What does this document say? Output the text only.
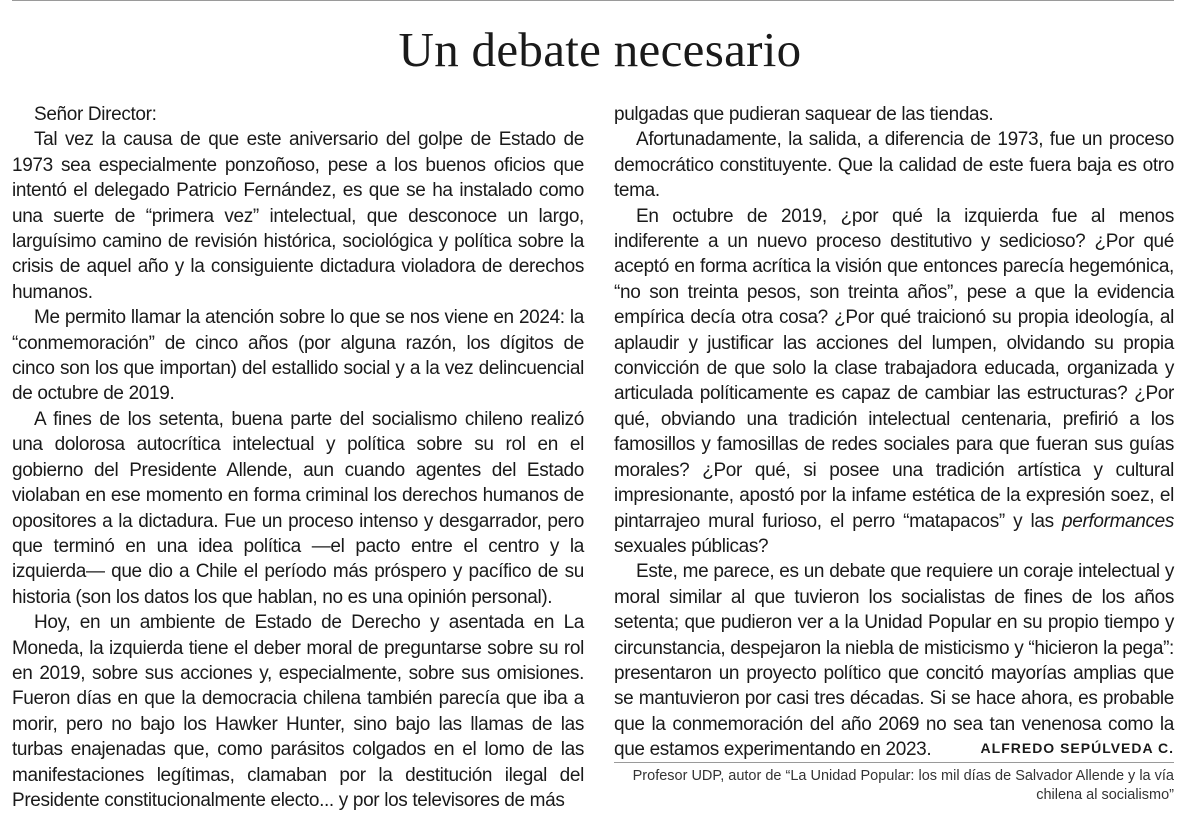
Un debate necesario

Señor Director:

Tal vez la causa de que este aniversario del golpe de Estado de 1973 sea especialmente ponzoñoso, pese a los buenos oficios que intentó el delegado Patricio Fernández, es que se ha instalado como una suerte de “primera vez” intelectual, que desconoce un largo, larguísimo camino de revisión histórica, sociológica y política sobre la crisis de aquel año y la consiguiente dictadura violadora de derechos humanos.

Me permito llamar la atención sobre lo que se nos viene en 2024: la “conmemoración” de cinco años (por alguna razón, los dígitos de cinco son los que importan) del estallido social y a la vez delincuencial de octubre de 2019.

A fines de los setenta, buena parte del socialismo chileno realizó una dolorosa autocrítica intelectual y política sobre su rol en el gobierno del Presidente Allende, aun cuando agentes del Estado violaban en ese momento en forma criminal los derechos humanos de opositores a la dictadura. Fue un proceso intenso y desgarrador, pero que terminó en una idea política —el pacto entre el centro y la izquierda— que dio a Chile el período más próspero y pacífico de su historia (son los datos los que hablan, no es una opinión personal).

Hoy, en un ambiente de Estado de Derecho y asentada en La Moneda, la izquierda tiene el deber moral de preguntarse sobre su rol en 2019, sobre sus acciones y, especialmente, sobre sus omisiones. Fueron días en que la democracia chilena también parecía que iba a morir, pero no bajo los Hawker Hunter, sino bajo las llamas de las turbas enajenadas que, como parásitos colgados en el lomo de las manifestaciones legítimas, clamaban por la destitución ilegal del Presidente constitucionalmente electo... y por los televisores de más

pulgadas que pudieran saquear de las tiendas.

Afortunadamente, la salida, a diferencia de 1973, fue un proceso democrático constituyente. Que la calidad de este fuera baja es otro tema.

En octubre de 2019, ¿por qué la izquierda fue al menos indiferente a un nuevo proceso destitutivo y sedicioso? ¿Por qué aceptó en forma acrítica la visión que entonces parecía hegemónica, “no son treinta pesos, son treinta años”, pese a que la evidencia empírica decía otra cosa? ¿Por qué traicionó su propia ideología, al aplaudir y justificar las acciones del lumpen, olvidando su propia convicción de que solo la clase trabajadora educada, organizada y articulada políticamente es capaz de cambiar las estructuras? ¿Por qué, obviando una tradición intelectual centenaria, prefirió a los famosillos y famosillas de redes sociales para que fueran sus guías morales? ¿Por qué, si posee una tradición artística y cultural impresionante, apostó por la infame estética de la expresión soez, el pintarrajeo mural furioso, el perro “matapacos” y las performances sexuales públicas?

Este, me parece, es un debate que requiere un coraje intelectual y moral similar al que tuvieron los socialistas de fines de los años setenta; que pudieron ver a la Unidad Popular en su propio tiempo y circunstancia, despejaron la niebla de misticismo y “hicieron la pega”: presentaron un proyecto político que concitó mayorías amplias que se mantuvieron por casi tres décadas. Si se hace ahora, es probable que la conmemoración del año 2069 no sea tan venenosa como la que estamos experimentando en 2023.	ALFREDO SEPÚLVEDA C.
Profesor UDP, autor de “La Unidad Popular: los mil días de Salvador Allende y la vía chilena al socialismo”
